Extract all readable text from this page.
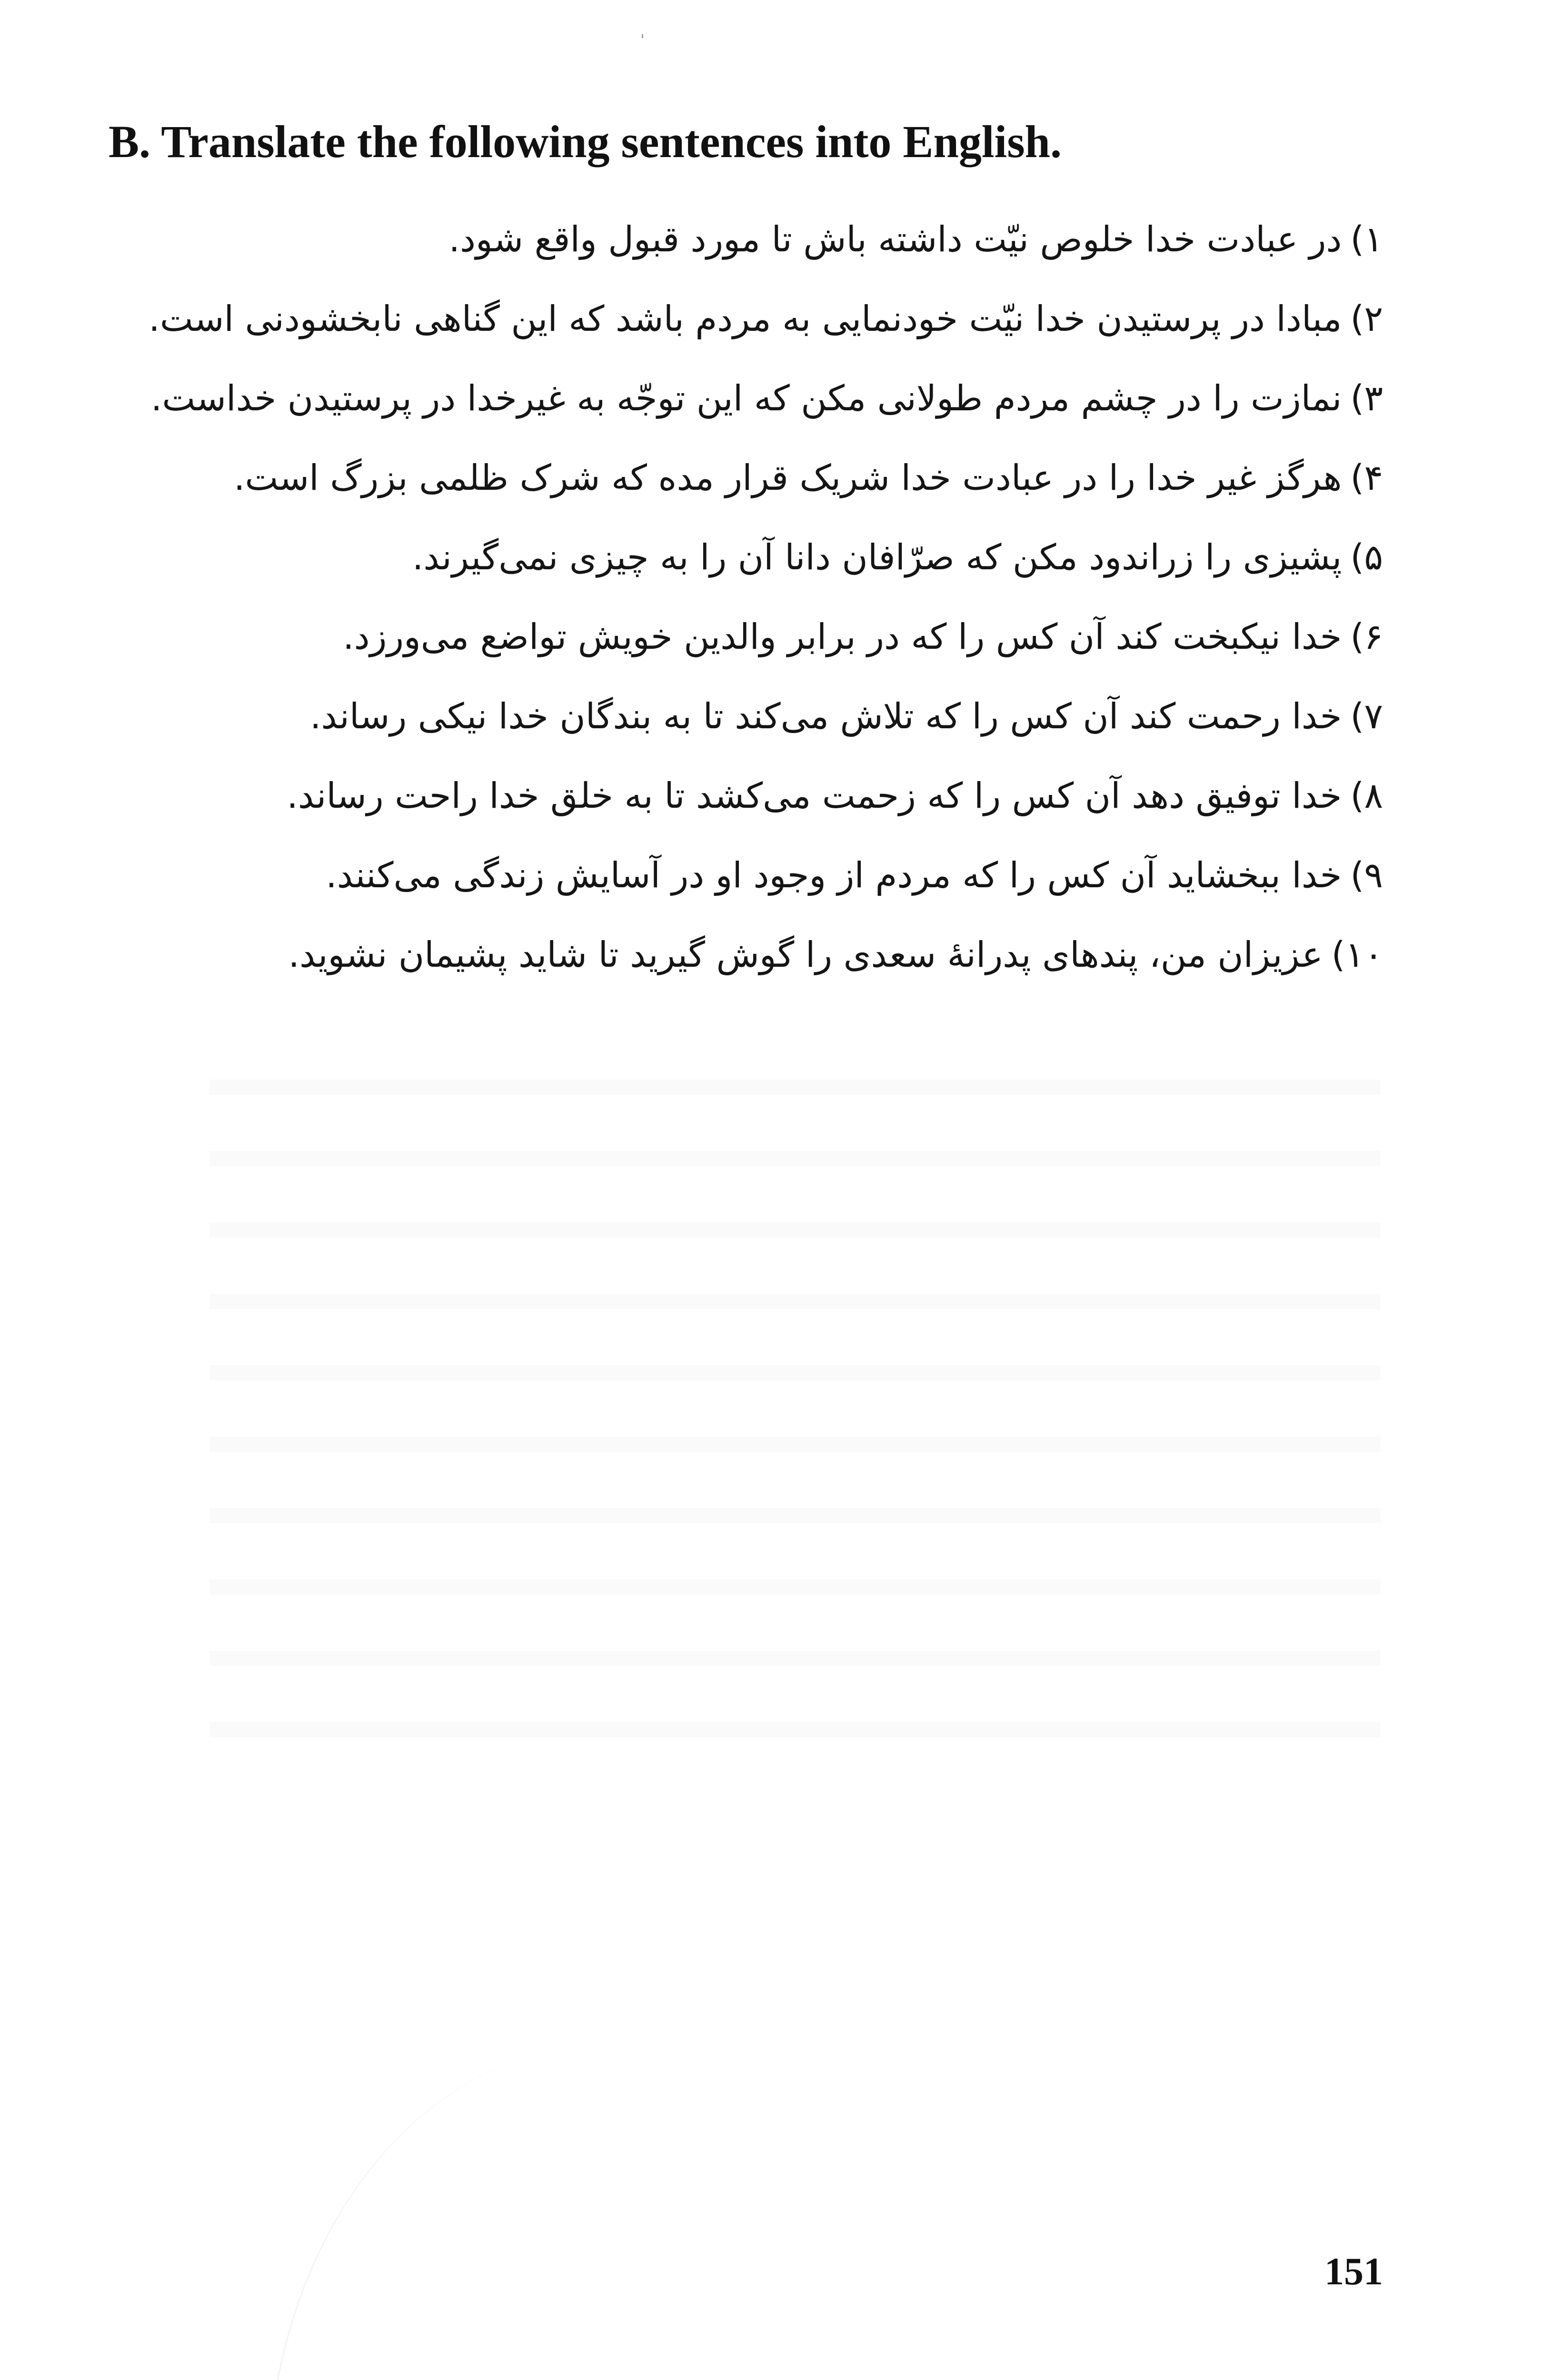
B. Translate the following sentences into English.
۱)در عبادت خدا خلوص نیّت داشته باش تا مورد قبول واقع شود.
۲)مبادا در پرستیدن خدا نیّت خودنمایی به مردم باشد که این گناهی نابخشودنی است.
۳)نمازت را در چشم مردم طولانی مکن که این توجّه به غیرخدا در پرستیدن خداست.
۴)هرگز غیر خدا را در عبادت خدا شریک قرار مده که شرک ظلمی بزرگ است.
۵)پشیزی را زراندود مکن که صرّافان دانا آن را به چیزی نمی‌گیرند.
۶)خدا نیکبخت کند آن کس را که در برابر والدین خویش تواضع می‌ورزد.
۷)خدا رحمت کند آن کس را که تلاش می‌کند تا به بندگان خدا نیکی رساند.
۸)خدا توفیق دهد آن کس را که زحمت می‌کشد تا به خلق خدا راحت رساند.
۹)خدا ببخشاید آن کس را که مردم از وجود او در آسایش زندگی می‌کنند.
۱۰)عزیزان من، پندهای پدرانهٔ سعدی را گوش گیرید تا شاید پشیمان نشوید.
151
